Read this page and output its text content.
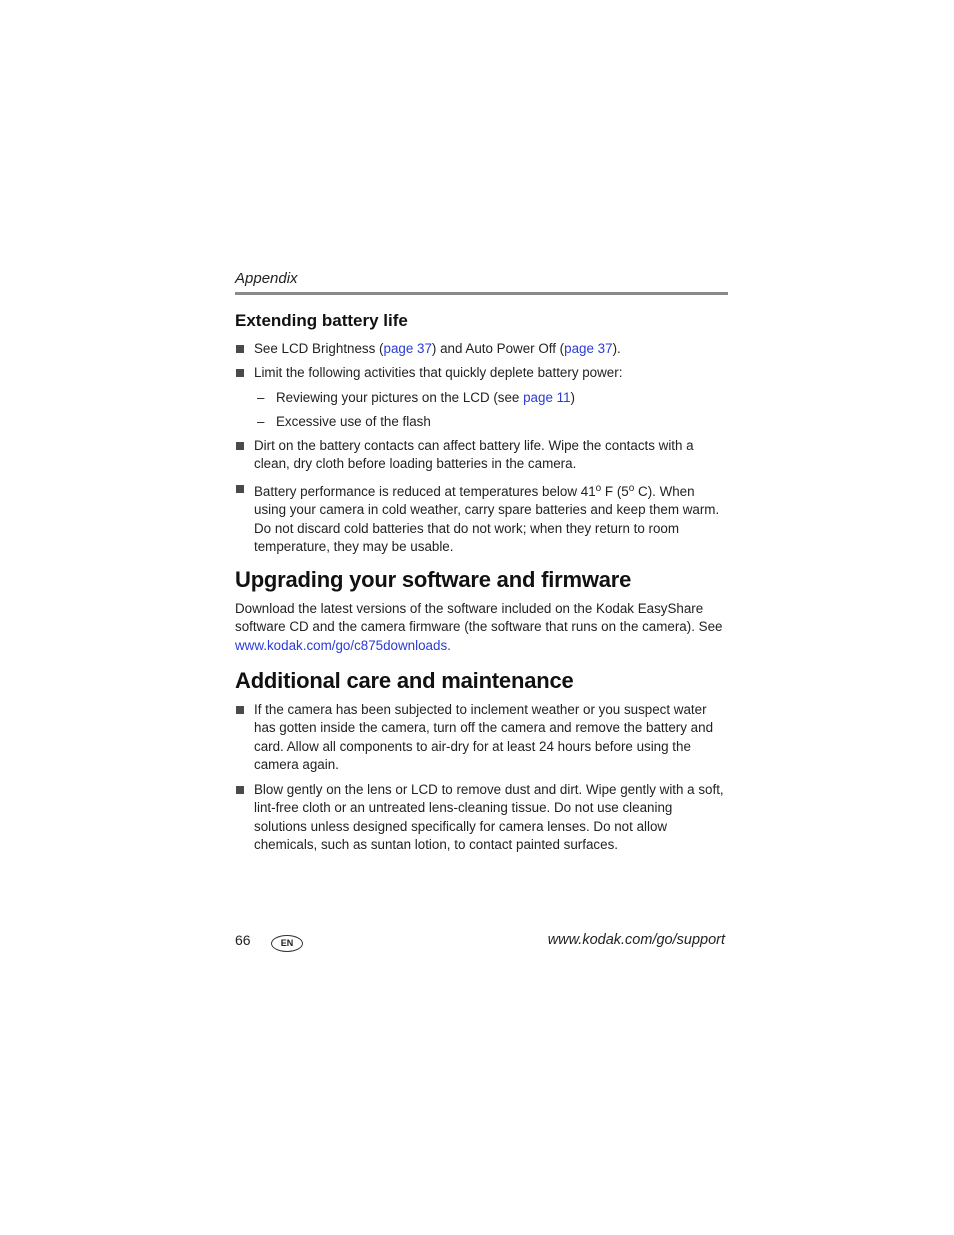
Appendix
Extending battery life
See LCD Brightness (page 37) and Auto Power Off (page 37).
Limit the following activities that quickly deplete battery power:
– Reviewing your pictures on the LCD (see page 11)
– Excessive use of the flash
Dirt on the battery contacts can affect battery life. Wipe the contacts with a clean, dry cloth before loading batteries in the camera.
Battery performance is reduced at temperatures below 41$^o$ F (5$^o$ C). When using your camera in cold weather, carry spare batteries and keep them warm. Do not discard cold batteries that do not work; when they return to room temperature, they may be usable.
Upgrading your software and firmware
Download the latest versions of the software included on the Kodak EasyShare software CD and the camera firmware (the software that runs on the camera). See www.kodak.com/go/c875downloads.
Additional care and maintenance
If the camera has been subjected to inclement weather or you suspect water has gotten inside the camera, turn off the camera and remove the battery and card. Allow all components to air-dry for at least 24 hours before using the camera again.
Blow gently on the lens or LCD to remove dust and dirt. Wipe gently with a soft, lint-free cloth or an untreated lens-cleaning tissue. Do not use cleaning solutions unless designed specifically for camera lenses. Do not allow chemicals, such as suntan lotion, to contact painted surfaces.
66	EN	www.kodak.com/go/support
